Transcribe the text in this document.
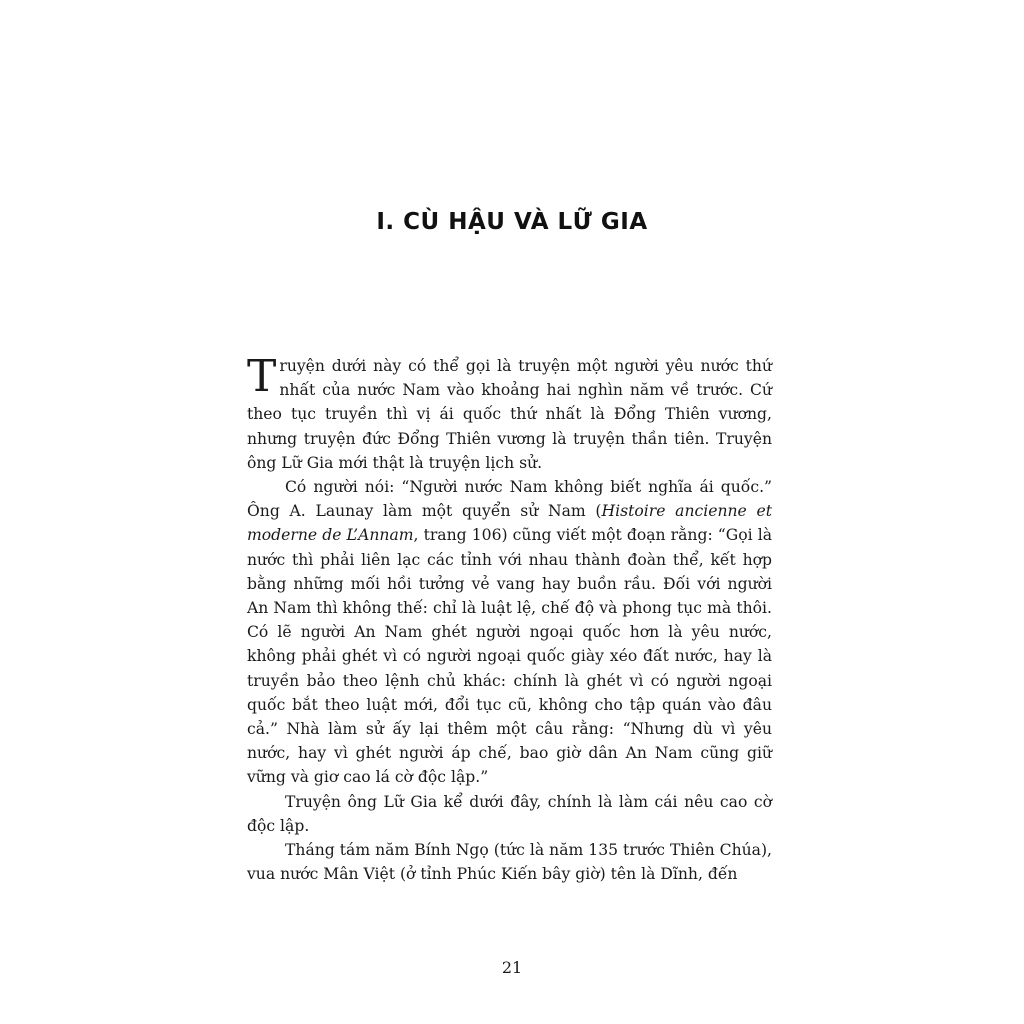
I. CÙ HẬU VÀ LỮ GIA

Truyện dưới này có thể gọi là truyện một người yêu nước thứ nhất của nước Nam vào khoảng hai nghìn năm về trước. Cứ theo tục truyền thì vị ái quốc thứ nhất là Đổng Thiên vương, nhưng truyện đức Đổng Thiên vương là truyện thần tiên. Truyện ông Lữ Gia mới thật là truyện lịch sử.

Có người nói: “Người nước Nam không biết nghĩa ái quốc.” Ông A. Launay làm một quyển sử Nam (Histoire ancienne et moderne de L’Annam, trang 106) cũng viết một đoạn rằng: “Gọi là nước thì phải liên lạc các tỉnh với nhau thành đoàn thể, kết hợp bằng những mối hồi tưởng vẻ vang hay buồn rầu. Đối với người An Nam thì không thế: chỉ là luật lệ, chế độ và phong tục mà thôi. Có lẽ người An Nam ghét người ngoại quốc hơn là yêu nước, không phải ghét vì có người ngoại quốc giày xéo đất nước, hay là truyền bảo theo lệnh chủ khác: chính là ghét vì có người ngoại quốc bắt theo luật mới, đổi tục cũ, không cho tập quán vào đâu cả.” Nhà làm sử ấy lại thêm một câu rằng: “Nhưng dù vì yêu nước, hay vì ghét người áp chế, bao giờ dân An Nam cũng giữ vững và giơ cao lá cờ độc lập.”

Truyện ông Lữ Gia kể dưới đây, chính là làm cái nêu cao cờ độc lập.

Tháng tám năm Bính Ngọ (tức là năm 135 trước Thiên Chúa), vua nước Mân Việt (ở tỉnh Phúc Kiến bây giờ) tên là Dĩnh, đến

21
